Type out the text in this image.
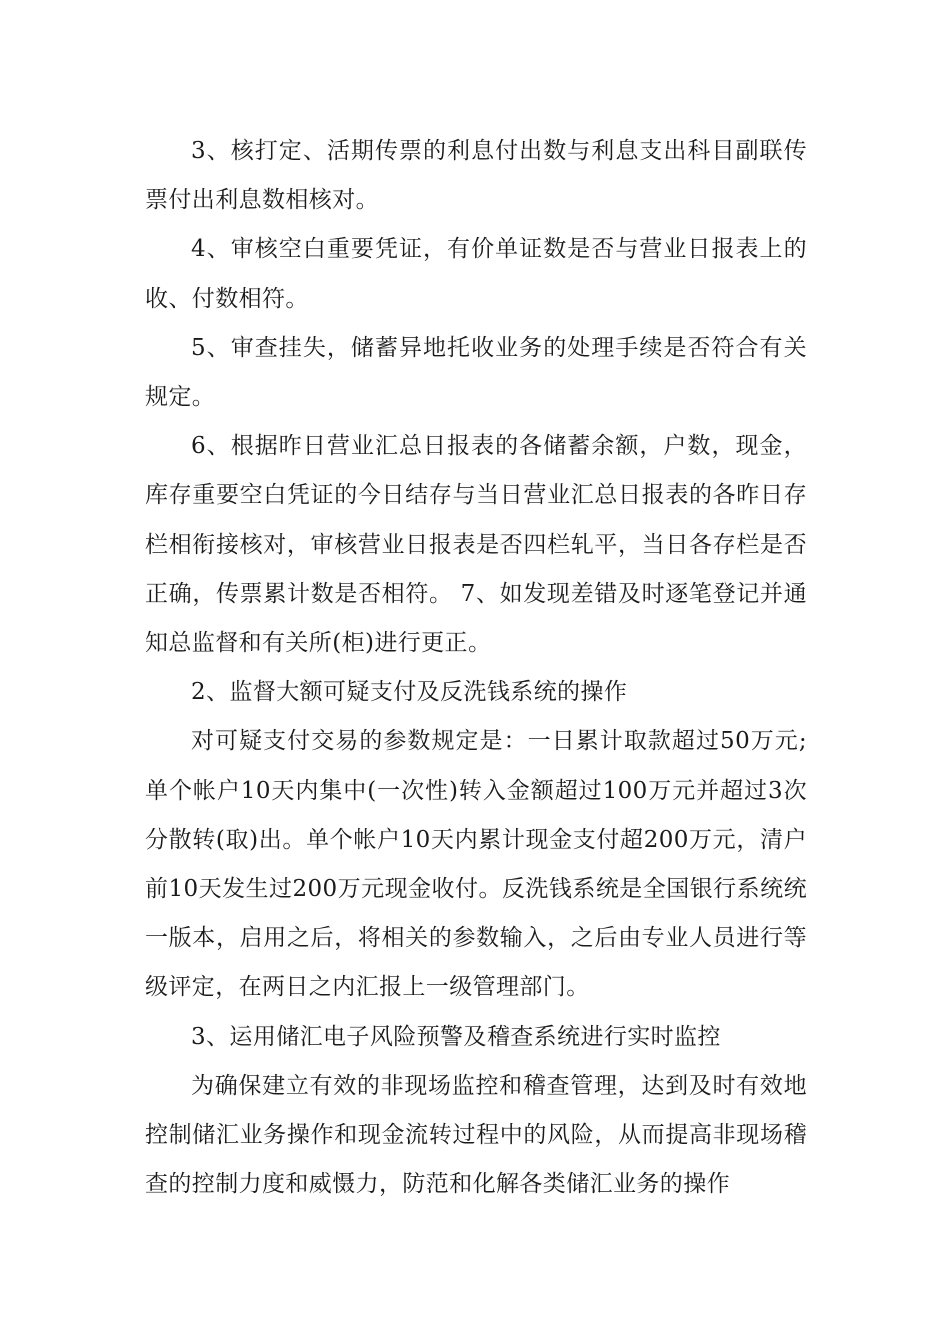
3、核打定、活期传票的利息付出数与利息支出科目副联传票付出利息数相核对。

4、审核空白重要凭证，有价单证数是否与营业日报表上的收、付数相符。

5、审查挂失，储蓄异地托收业务的处理手续是否符合有关规定。

6、根据昨日营业汇总日报表的各储蓄余额，户数，现金，库存重要空白凭证的今日结存与当日营业汇总日报表的各昨日存栏相衔接核对，审核营业日报表是否四栏轧平，当日各存栏是否正确，传票累计数是否相符。 7、如发现差错及时逐笔登记并通知总监督和有关所(柜)进行更正。

2、监督大额可疑支付及反洗钱系统的操作

对可疑支付交易的参数规定是：一日累计取款超过50万元;单个帐户10天内集中(一次性)转入金额超过100万元并超过3次分散转(取)出。单个帐户10天内累计现金支付超200万元，清户前10天发生过200万元现金收付。反洗钱系统是全国银行系统统一版本，启用之后，将相关的参数输入，之后由专业人员进行等级评定，在两日之内汇报上一级管理部门。

3、运用储汇电子风险预警及稽查系统进行实时监控

为确保建立有效的非现场监控和稽查管理，达到及时有效地控制储汇业务操作和现金流转过程中的风险，从而提高非现场稽查的控制力度和威慑力，防范和化解各类储汇业务的操作
